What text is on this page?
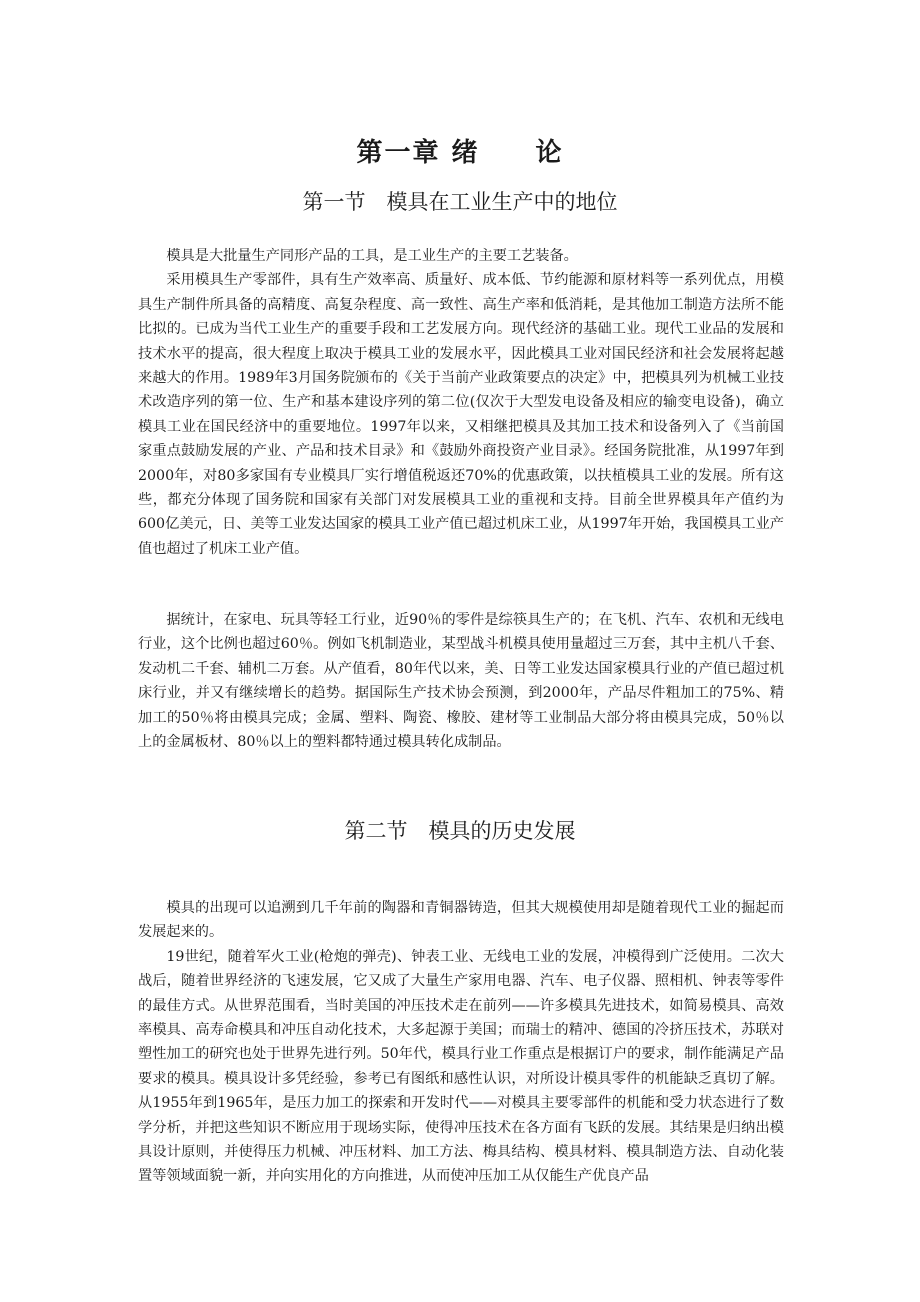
第一章 绪　　论
第一节　模具在工业生产中的地位

模具是大批量生产同形产品的工具，是工业生产的主要工艺装备。

采用模具生产零部件，具有生产效率高、质量好、成本低、节约能源和原材料等一系列优点，用模具生产制件所具备的高精度、高复杂程度、高一致性、高生产率和低消耗，是其他加工制造方法所不能比拟的。已成为当代工业生产的重要手段和工艺发展方向。现代经济的基础工业。现代工业品的发展和技术水平的提高，很大程度上取决于模具工业的发展水平，因此模具工业对国民经济和社会发展将起越来越大的作用。1989年3月国务院颁布的《关于当前产业政策要点的决定》中，把模具列为机械工业技术改造序列的第一位、生产和基本建设序列的第二位(仅次于大型发电设备及相应的输变电设备)，确立模具工业在国民经济中的重要地位。1997年以来，又相继把模具及其加工技术和设备列入了《当前国家重点鼓励发展的产业、产品和技术目录》和《鼓励外商投资产业目录》。经国务院批准，从1997年到2000年，对80多家国有专业模具厂实行增值税返还70%的优惠政策，以扶植模具工业的发展。所有这些，都充分体现了国务院和国家有关部门对发展模具工业的重视和支持。目前全世界模具年产值约为600亿美元，日、美等工业发达国家的模具工业产值已超过机床工业，从1997年开始，我国模具工业产值也超过了机床工业产值。

据统计，在家电、玩具等轻工行业，近90％的零件是综筷具生产的；在飞机、汽车、农机和无线电行业，这个比例也超过60％。例如飞机制造业，某型战斗机模具使用量超过三万套，其中主机八千套、发动机二千套、辅机二万套。从产值看，80年代以来，美、日等工业发达国家模具行业的产值已超过机床行业，并又有继续增长的趋势。据国际生产技术协会预测，到2000年，产品尽件粗加工的75%、精加工的50％将由模具完成；金属、塑料、陶瓷、橡胶、建材等工业制品大部分将由模具完成，50％以上的金属板材、80％以上的塑料都特通过模具转化成制品。

第二节　模具的历史发展

模具的出现可以追溯到几千年前的陶器和青铜器铸造，但其大规模使用却是随着现代工业的掘起而发展起来的。

19世纪，随着军火工业(枪炮的弹壳)、钟表工业、无线电工业的发展，冲模得到广泛使用。二次大战后，随着世界经济的飞速发展，它又成了大量生产家用电器、汽车、电子仪器、照相机、钟表等零件的最佳方式。从世界范围看，当时美国的冲压技术走在前列——许多模具先进技术，如简易模具、高效率模具、高寿命模具和冲压自动化技术，大多起源于美国；而瑞士的精冲、德国的冷挤压技术，苏联对塑性加工的研究也处于世界先进行列。50年代，模具行业工作重点是根据订户的要求，制作能满足产品要求的模具。模具设计多凭经验，参考已有图纸和感性认识，对所设计模具零件的机能缺乏真切了解。从1955年到1965年，是压力加工的探索和开发时代——对模具主要零部件的机能和受力状态进行了数学分析，并把这些知识不断应用于现场实际，使得冲压技术在各方面有飞跃的发展。其结果是归纳出模具设计原则，并使得压力机械、冲压材料、加工方法、梅具结构、模具材料、模具制造方法、自动化装置等领域面貌一新，并向实用化的方向推进，从而使冲压加工从仅能生产优良产品
